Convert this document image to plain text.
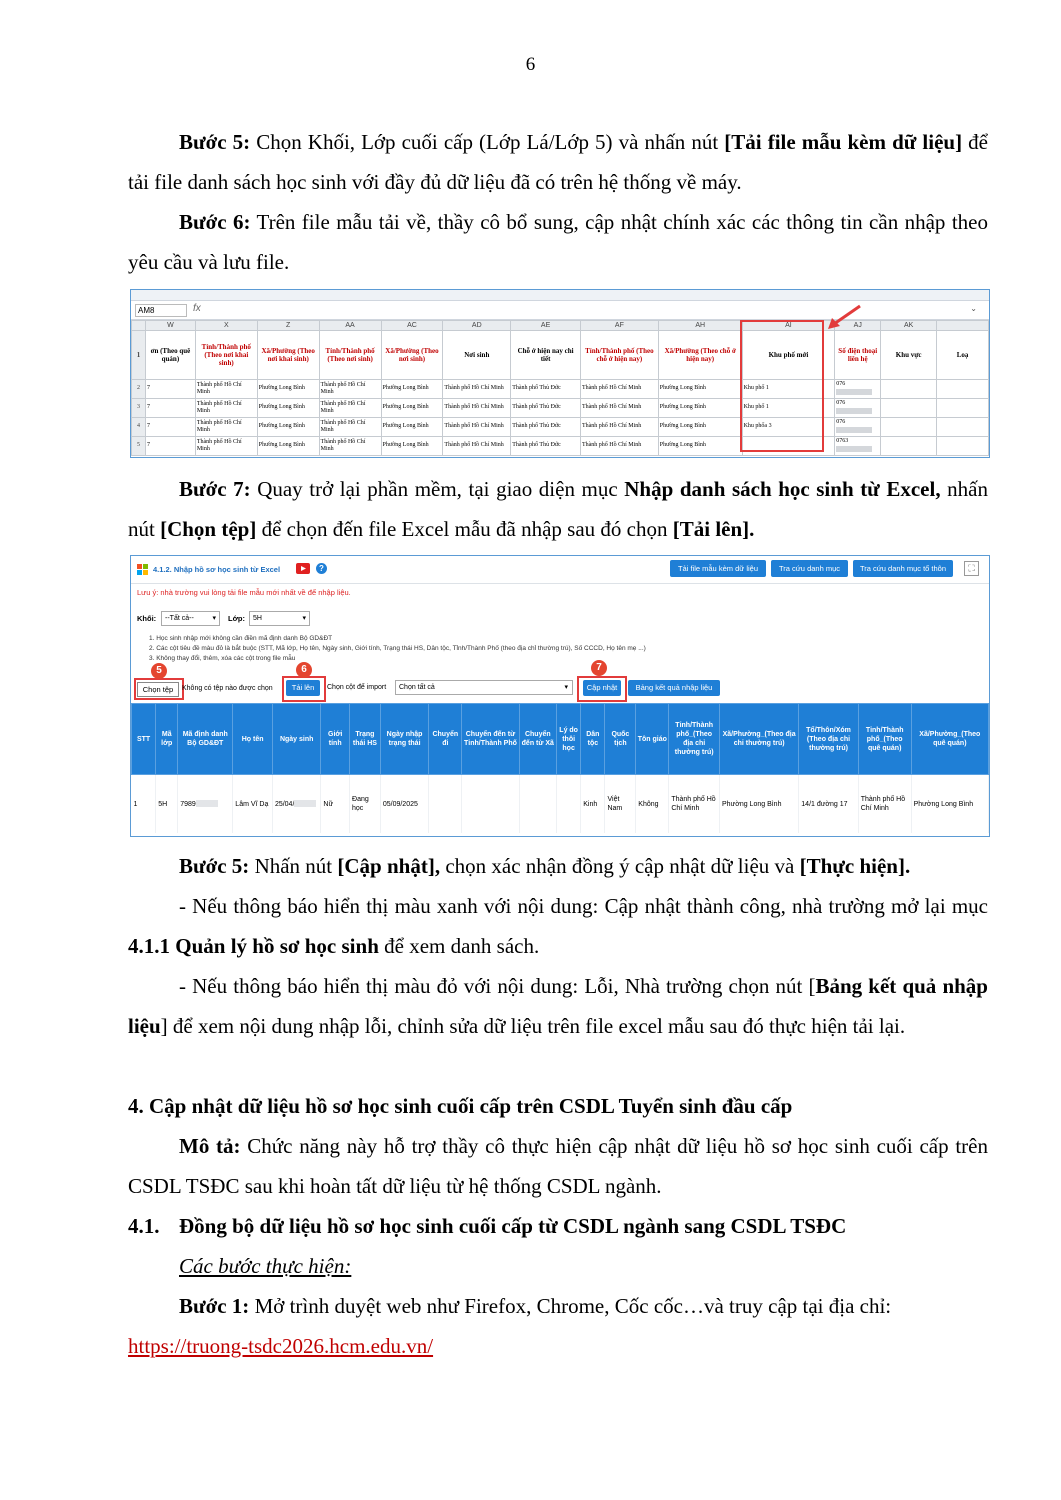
6
Bước 5: Chọn Khối, Lớp cuối cấp (Lớp Lá/Lớp 5) và nhấn nút [Tải file mẫu kèm dữ liệu] để tải file danh sách học sinh với đầy đủ dữ liệu đã có trên hệ thống về máy.
Bước 6: Trên file mẫu tải về, thầy cô bổ sung, cập nhật chính xác các thông tin cần nhập theo yêu cầu và lưu file.
AM8	fx	⌄
	W	X	Z	AA	AC	AD	AE	AF	AH	AI	AJ	AK	
1	ơn (Theo quê quán)	Tỉnh/Thành phố (Theo nơi khai sinh)	Xã/Phường (Theo nơi khai sinh)	Tỉnh/Thành phố (Theo nơi sinh)	Xã/Phường (Theo nơi sinh)	Nơi sinh	Chỗ ở hiện nay chi tiết	Tỉnh/Thành phố (Theo chỗ ở hiện nay)	Xã/Phường (Theo chỗ ở hiện nay)	Khu phố mới	Số điện thoại liên hệ	Khu vực	Loạ
2	7	Thành phố Hồ Chí Minh	Phường Long Bình	Thành phố Hồ Chí Minh	Phường Long Bình	Thành phố Hồ Chí Minh	Thành phố Thủ Đức	Thành phố Hồ Chí Minh	Phường Long Bình	Khu phố 1	076		
3	7	Thành phố Hồ Chí Minh	Phường Long Bình	Thành phố Hồ Chí Minh	Phường Long Bình	Thành phố Hồ Chí Minh	Thành phố Thủ Đức	Thành phố Hồ Chí Minh	Phường Long Bình	Khu phố 1	076		
4	7	Thành phố Hồ Chí Minh	Phường Long Bình	Thành phố Hồ Chí Minh	Phường Long Bình	Thành phố Hồ Chí Minh	Thành phố Thủ Đức	Thành phố Hồ Chí Minh	Phường Long Bình	Khu phốa 3	076		
5	7	Thành phố Hồ Chí Minh	Phường Long Bình	Thành phố Hồ Chí Minh	Phường Long Bình	Thành phố Hồ Chí Minh	Thành phố Thủ Đức	Thành phố Hồ Chí Minh	Phường Long Bình		0763		
Bước 7: Quay trở lại phần mềm, tại giao diện mục Nhập danh sách học sinh từ Excel, nhấn nút [Chọn tệp] để chọn đến file Excel mẫu đã nhập sau đó chọn [Tải lên].
4.1.2. Nhập hồ sơ học sinh từ Excel	?	Tải file mẫu kèm dữ liệu	Tra cứu danh mục	Tra cứu danh mục tổ thôn	⛶
Lưu ý: nhà trường vui lòng tải file mẫu mới nhất về để nhập liệu.
Khối:	--Tất cả--	▾ Lớp:	5H	▾
1. Học sinh nhập mới không cần điền mã định danh Bộ GD&ĐT
2. Các cột tiêu đề màu đỏ là bắt buộc (STT, Mã lớp, Họ tên, Ngày sinh, Giới tính, Trạng thái HS, Dân tộc, Tỉnh/Thành Phố (theo địa chỉ thường trú), Số CCCD, Họ tên mẹ ...)
3. Không thay đổi, thêm, xóa các cột trong file mẫu
Chọn tệp
5
Không có tệp nào được chọn	Tải lên
6
Chọn cột để import	Chọn tất cả	▾	Cập nhật
7
Bảng kết quả nhập liệu
STT	Mã lớp	Mã định danh Bộ GD&ĐT	Họ tên	Ngày sinh	Giới tính	Trạng thái HS	Ngày nhập trạng thái	Chuyển đi	Chuyển đến từ Tỉnh/Thành Phố	Chuyển đến từ Xã	Lý do thôi học	Dân tộc	Quốc tịch	Tôn giáo	Tỉnh/Thành phố_(Theo địa chỉ thường trú)	Xã/Phường_(Theo địa chỉ thường trú)	Tổ/Thôn/Xóm (Theo địa chỉ thường trú)	Tỉnh/Thành phố_(Theo quê quán)	Xã/Phường_(Theo quê quán)
1	5H	7989	Lâm Vĩ Dạ	25/04/	Nữ	Đang học	05/09/2025					Kinh	Việt Nam	Không	Thành phố Hồ Chí Minh	Phường Long Bình	14/1 đường 17	Thành phố Hồ Chí Minh	Phường Long Bình
Bước 5: Nhấn nút [Cập nhật], chọn xác nhận đồng ý cập nhật dữ liệu và [Thực hiện].
- Nếu thông báo hiển thị màu xanh với nội dung: Cập nhật thành công, nhà trường mở lại mục 4.1.1 Quản lý hồ sơ học sinh để xem danh sách.
- Nếu thông báo hiển thị màu đỏ với nội dung: Lỗi, Nhà trường chọn nút [Bảng kết quả nhập liệu] để xem nội dung nhập lỗi, chỉnh sửa dữ liệu trên file excel mẫu sau đó thực hiện tải lại.
4. Cập nhật dữ liệu hồ sơ học sinh cuối cấp trên CSDL Tuyển sinh đầu cấp
Mô tả: Chức năng này hỗ trợ thầy cô thực hiện cập nhật dữ liệu hồ sơ học sinh cuối cấp trên CSDL TSĐC sau khi hoàn tất dữ liệu từ hệ thống CSDL ngành.
4.1. Đồng bộ dữ liệu hồ sơ học sinh cuối cấp từ CSDL ngành sang CSDL TSĐC
Các bước thực hiện:
Bước 1: Mở trình duyệt web như Firefox, Chrome, Cốc cốc…và truy cập tại địa chỉ:
https://truong-tsdc2026.hcm.edu.vn/
